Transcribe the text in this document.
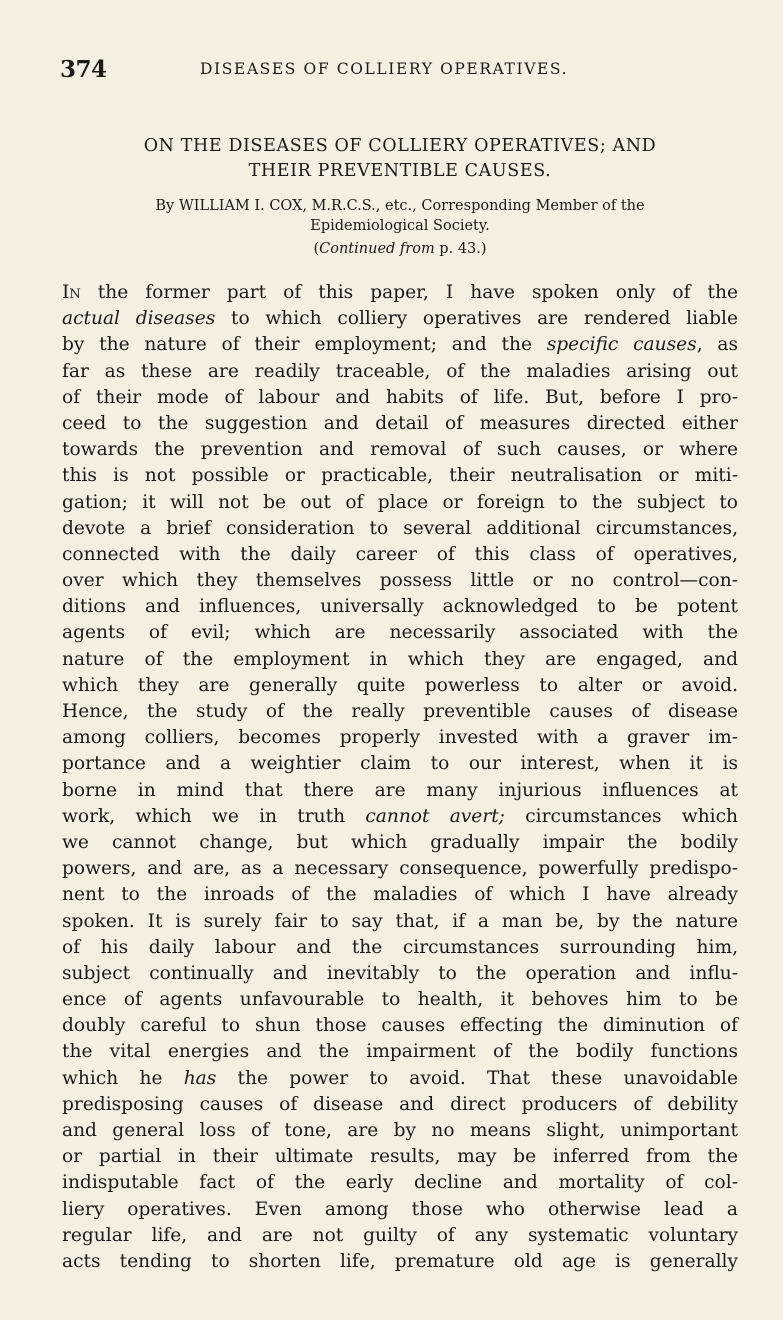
374	DISEASES OF COLLIERY OPERATIVES.
ON THE DISEASES OF COLLIERY OPERATIVES; AND
THEIR PREVENTIBLE CAUSES.
By WILLIAM I. COX, M.R.C.S., etc., Corresponding Member of the
Epidemiological Society.
(Continued from p. 43.)
In the former part of this paper, I have spoken only of the
actual diseases to which colliery operatives are rendered liable
by the nature of their employment; and the specific causes, as
far as these are readily traceable, of the maladies arising out
of their mode of labour and habits of life. But, before I pro-
ceed to the suggestion and detail of measures directed either
towards the prevention and removal of such causes, or where
this is not possible or practicable, their neutralisation or miti-
gation; it will not be out of place or foreign to the subject to
devote a brief consideration to several additional circumstances,
connected with the daily career of this class of operatives,
over which they themselves possess little or no control—con-
ditions and influences, universally acknowledged to be potent
agents of evil; which are necessarily associated with the
nature of the employment in which they are engaged, and
which they are generally quite powerless to alter or avoid.
Hence, the study of the really preventible causes of disease
among colliers, becomes properly invested with a graver im-
portance and a weightier claim to our interest, when it is
borne in mind that there are many injurious influences at
work, which we in truth cannot avert; circumstances which
we cannot change, but which gradually impair the bodily
powers, and are, as a necessary consequence, powerfully predispo-
nent to the inroads of the maladies of which I have already
spoken. It is surely fair to say that, if a man be, by the nature
of his daily labour and the circumstances surrounding him,
subject continually and inevitably to the operation and influ-
ence of agents unfavourable to health, it behoves him to be
doubly careful to shun those causes effecting the diminution of
the vital energies and the impairment of the bodily functions
which he has the power to avoid. That these unavoidable
predisposing causes of disease and direct producers of debility
and general loss of tone, are by no means slight, unimportant
or partial in their ultimate results, may be inferred from the
indisputable fact of the early decline and mortality of col-
liery operatives. Even among those who otherwise lead a
regular life, and are not guilty of any systematic voluntary
acts tending to shorten life, premature old age is generally
